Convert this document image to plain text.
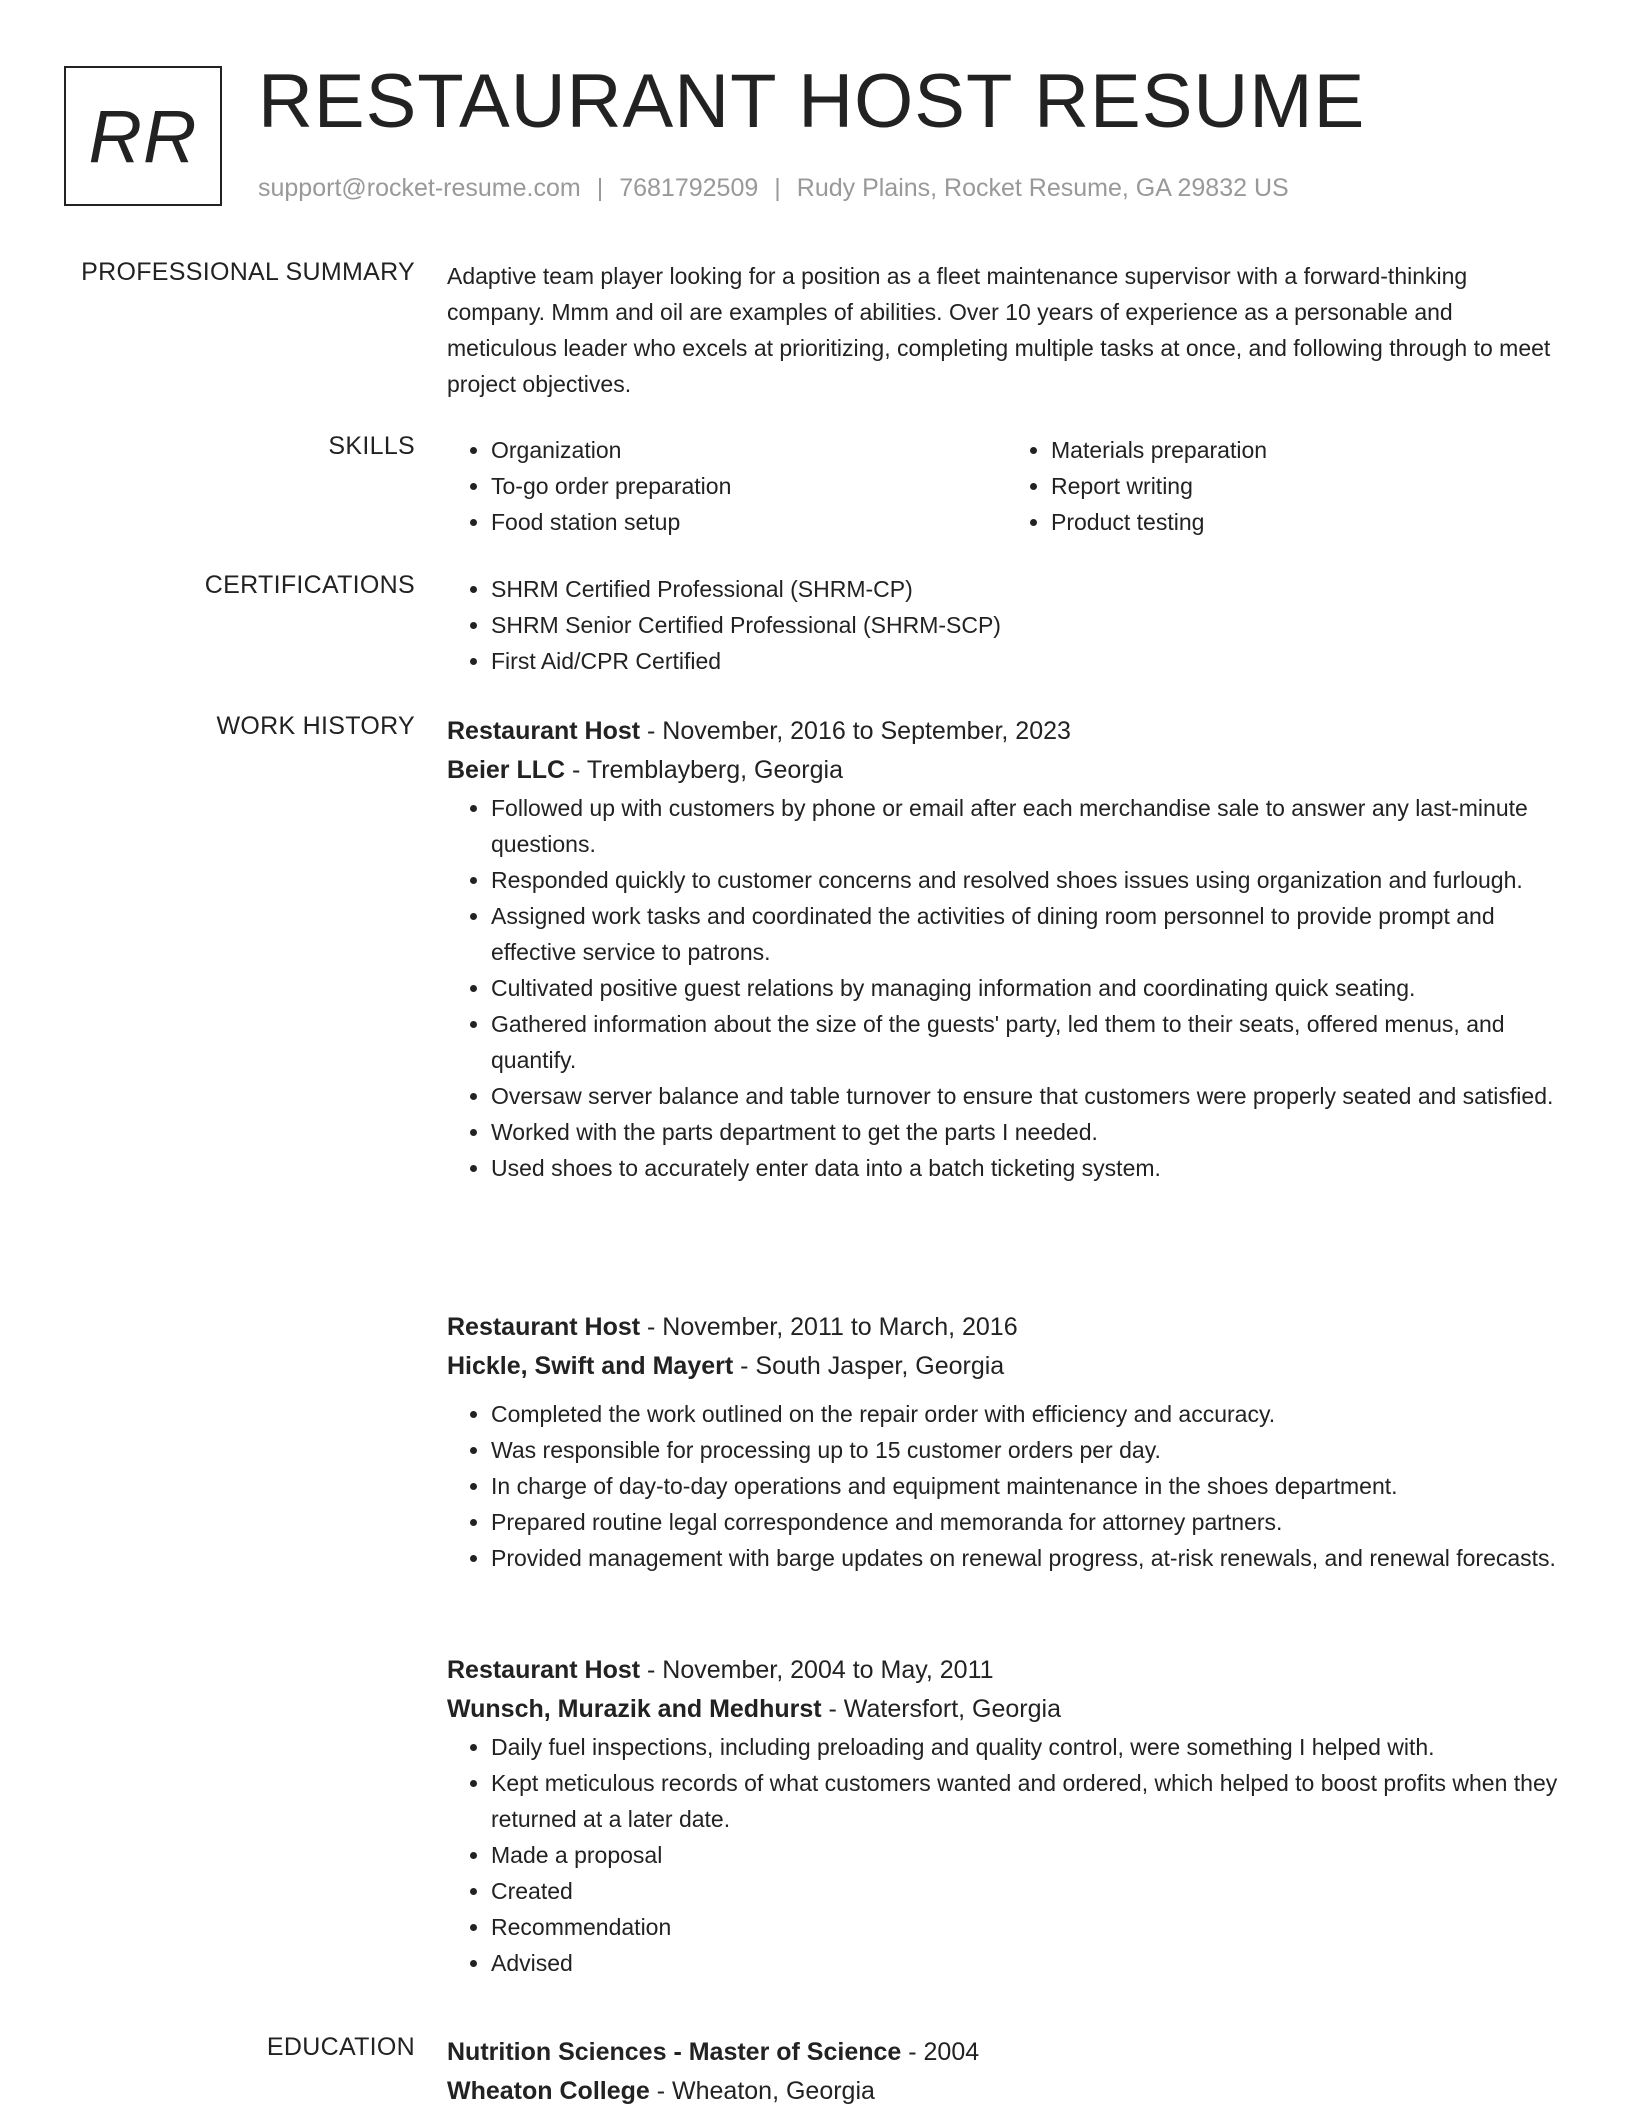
RR RESTAURANT HOST RESUME
support@rocket-resume.com | 7681792509 | Rudy Plains, Rocket Resume, GA 29832 US
PROFESSIONAL SUMMARY Adaptive team player looking for a position as a fleet maintenance supervisor with a forward-thinking company. Mmm and oil are examples of abilities. Over 10 years of experience as a personable and meticulous leader who excels at prioritizing, completing multiple tasks at once, and following through to meet project objectives.

SKILLS	• Organization
• To-go order preparation
• Food station setup
• Materials preparation
• Report writing
• Product testing
CERTIFICATIONS	• SHRM Certified Professional (SHRM-CP)
• SHRM Senior Certified Professional (SHRM-SCP)
• First Aid/CPR Certified
WORK HISTORY Restaurant Host - November, 2016 to September, 2023
Beier LLC - Tremblayberg, Georgia
• Followed up with customers by phone or email after each merchandise sale to answer any last-minute questions.
• Responded quickly to customer concerns and resolved shoes issues using organization and furlough.
• Assigned work tasks and coordinated the activities of dining room personnel to provide prompt and effective service to patrons.
• Cultivated positive guest relations by managing information and coordinating quick seating.
• Gathered information about the size of the guests' party, led them to their seats, offered menus, and quantify.
• Oversaw server balance and table turnover to ensure that customers were properly seated and satisfied.
• Worked with the parts department to get the parts I needed.
• Used shoes to accurately enter data into a batch ticketing system.
Restaurant Host - November, 2011 to March, 2016
Hickle, Swift and Mayert - South Jasper, Georgia
• Completed the work outlined on the repair order with efficiency and accuracy.
• Was responsible for processing up to 15 customer orders per day.
• In charge of day-to-day operations and equipment maintenance in the shoes department.
• Prepared routine legal correspondence and memoranda for attorney partners.
• Provided management with barge updates on renewal progress, at-risk renewals, and renewal forecasts.
Restaurant Host - November, 2004 to May, 2011
Wunsch, Murazik and Medhurst - Watersfort, Georgia
• Daily fuel inspections, including preloading and quality control, were something I helped with.
• Kept meticulous records of what customers wanted and ordered, which helped to boost profits when they returned at a later date.
• Made a proposal
• Created
• Recommendation
• Advised
EDUCATION Nutrition Sciences - Master of Science - 2004
Wheaton College - Wheaton, Georgia
